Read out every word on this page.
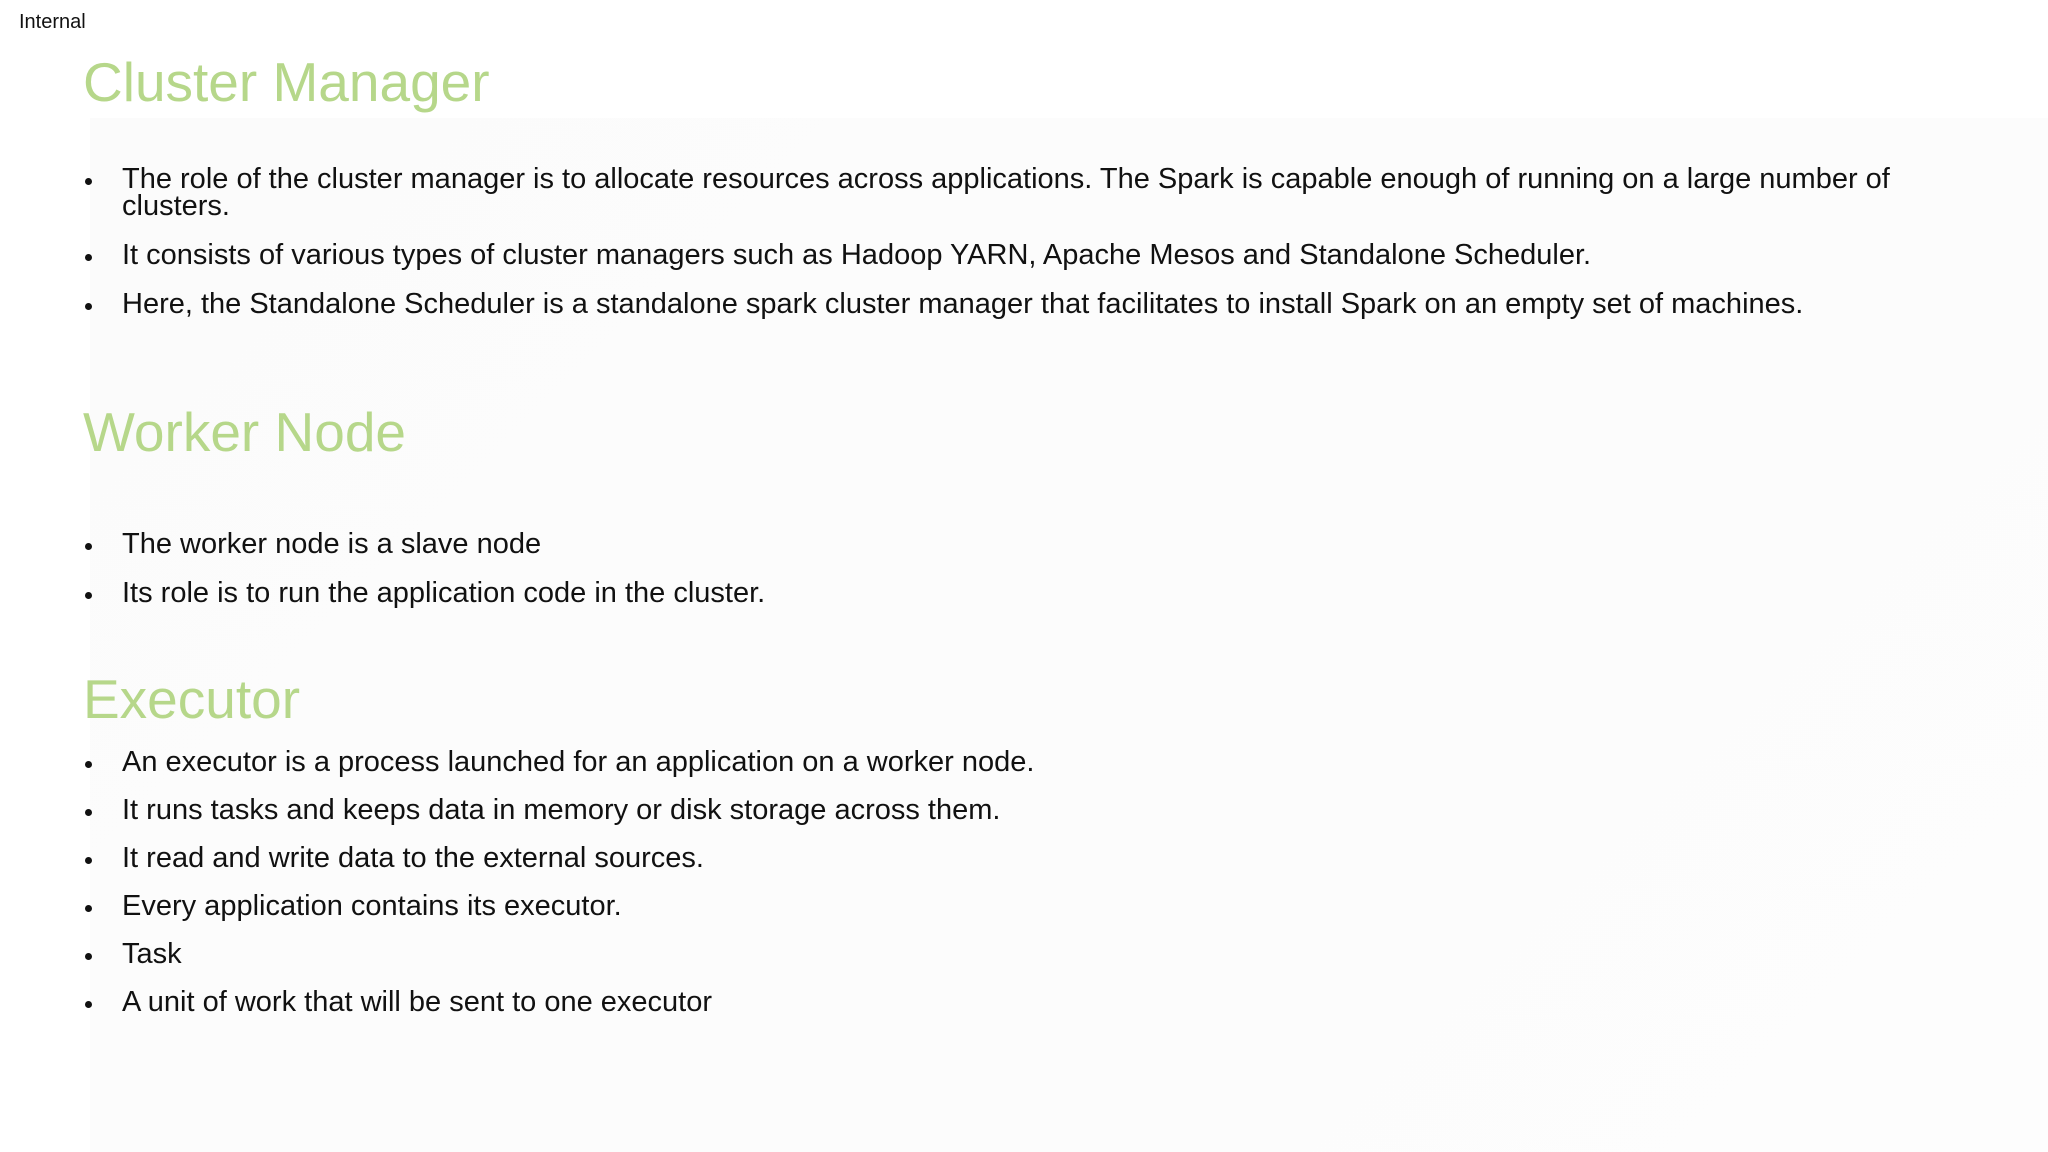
Internal
Cluster Manager
The role of the cluster manager is to allocate resources across applications. The Spark is capable enough of running on a large number of clusters.
It consists of various types of cluster managers such as Hadoop YARN, Apache Mesos and Standalone Scheduler.
Here, the Standalone Scheduler is a standalone spark cluster manager that facilitates to install Spark on an empty set of machines.
Worker Node
The worker node is a slave node
Its role is to run the application code in the cluster.
Executor
An executor is a process launched for an application on a worker node.
It runs tasks and keeps data in memory or disk storage across them.
It read and write data to the external sources.
Every application contains its executor.
Task
A unit of work that will be sent to one executor
